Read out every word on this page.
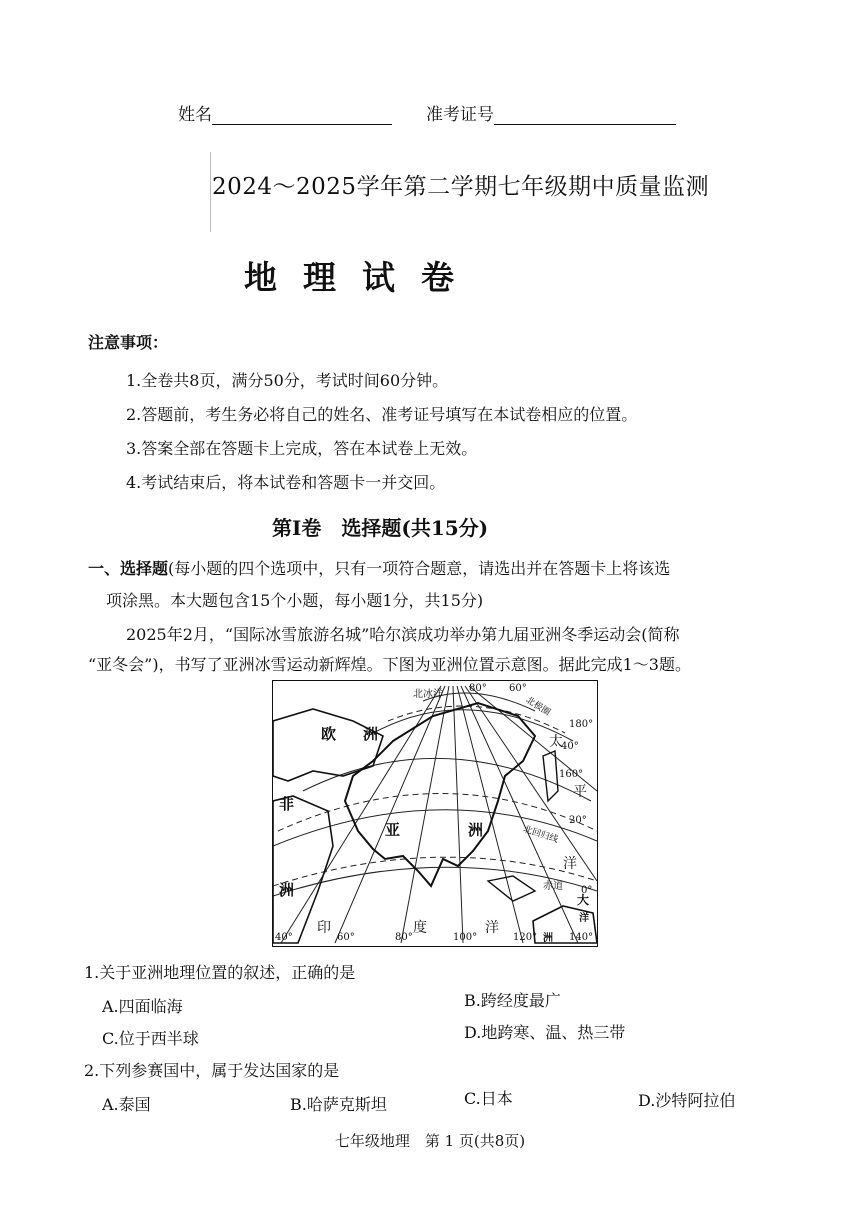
姓名	准考证号
2024～2025学年第二学期七年级期中质量监测
地理试卷
注意事项：
1.全卷共8页，满分50分，考试时间60分钟。
2.答题前，考生务必将自己的姓名、准考证号填写在本试卷相应的位置。
3.答案全部在答题卡上完成，答在本试卷上无效。
4.考试结束后，将本试卷和答题卡一并交回。
第Ⅰ卷　选择题(共15分)
一、选择题(每小题的四个选项中，只有一项符合题意，请选出并在答题卡上将该选
项涂黑。本大题包含15个小题，每小题1分，共15分)
2025年2月，“国际冰雪旅游名城”哈尔滨成功举办第九届亚洲冬季运动会(简称
“亚冬会”)，书写了亚洲冰雪运动新辉煌。下图为亚洲位置示意图。据此完成1～3题。
欧 洲
非
洲
亚	洲
太
平
洋
印	度	洋
北冰洋
北极圈
北回归线
赤道
大
洋
洲
80° 60°
180°
40°
160°
20°
0°
140°
40°	60°	80°	100°	120°
1.关于亚洲地理位置的叙述，正确的是
A.四面临海	B.跨经度最广
C.位于西半球	D.地跨寒、温、热三带
2.下列参赛国中，属于发达国家的是
A.泰国	B.哈萨克斯坦	C.日本	D.沙特阿拉伯
七年级地理　第 1 页(共8页)
